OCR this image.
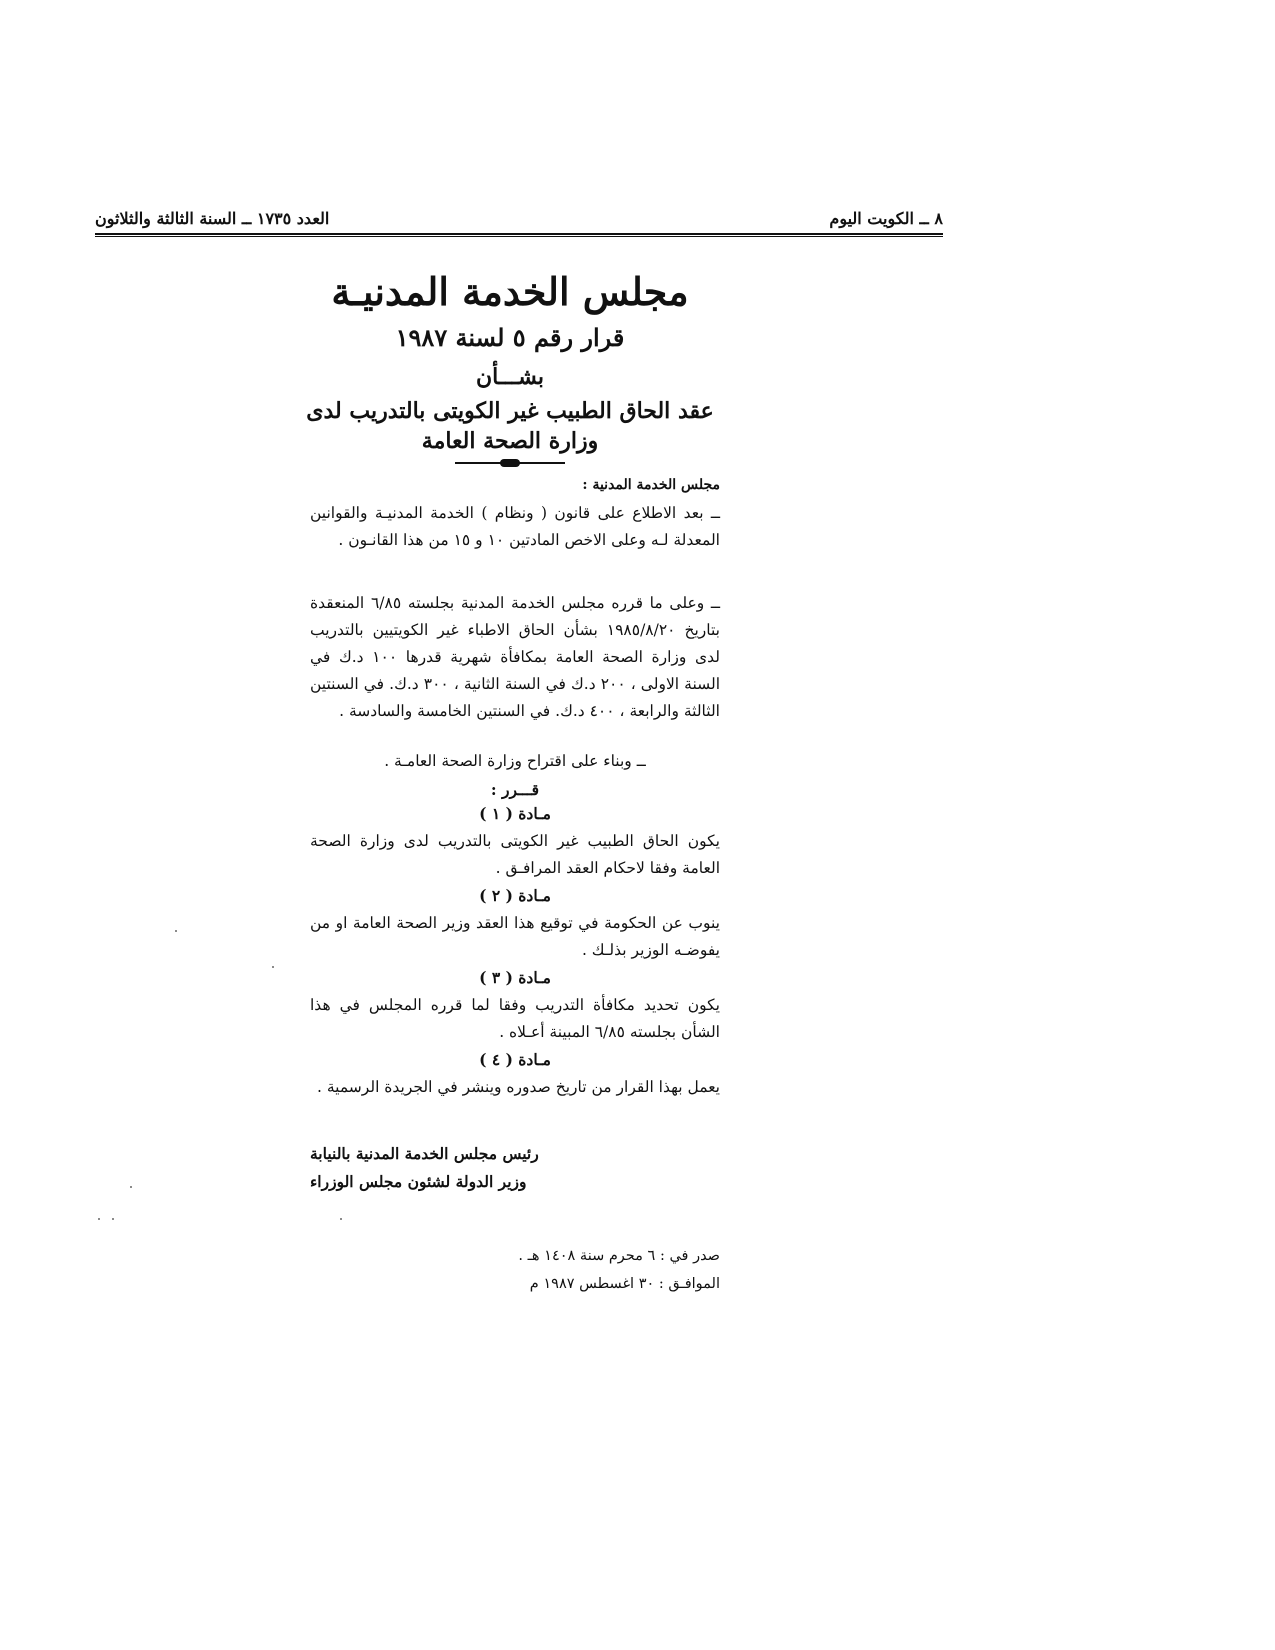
٨ ــ الكويت اليوم
العدد ١٧٣٥ ــ السنة الثالثة والثلاثون
مجلس الخدمة المدنيـة
قرار رقم ٥ لسنة ١٩٨٧
بشـــأن
عقد الحاق الطبيب غير الكويتى بالتدريب لدى
وزارة الصحة العامة
مجلس الخدمة المدنية :
ــ بعد الاطلاع على قانون ( ونظام ) الخدمة المدنيـة والقوانين المعدلة لـه وعلى الاخص المادتين ١٠ و ١٥ من هذا القانـون .
ــ وعلى ما قرره مجلس الخدمة المدنية بجلسته ٦/٨٥ المنعقدة بتاريخ ١٩٨٥/٨/٢٠ بشأن الحاق الاطباء غير الكويتيين بالتدريب لدى وزارة الصحة العامة بمكافأة شهرية قدرها ١٠٠ د.ك في السنة الاولى ، ٢٠٠ د.ك في السنة الثانية ، ٣٠٠ د.ك. في السنتين الثالثة والرابعة ، ٤٠٠ د.ك. في السنتين الخامسة والسادسة .
ــ وبناء على اقتراح وزارة الصحة العامـة .
قـــرر :
مـادة ( ١ )
يكون الحاق الطبيب غير الكويتى بالتدريب لدى وزارة الصحة العامة وفقا لاحكام العقد المرافـق .
مـادة ( ٢ )
ينوب عن الحكومة في توقيع هذا العقد وزير الصحة العامة او من يفوضـه الوزير بذلـك .
مـادة ( ٣ )
يكون تحديد مكافأة التدريب وفقا لما قرره المجلس في هذا الشأن بجلسته ٦/٨٥ المبينة أعـلاه .
مـادة ( ٤ )
يعمل بهذا القرار من تاريخ صدوره وينشر في الجريدة الرسمية .
رئيس مجلس الخدمة المدنية بالنيابة
وزير الدولة لشئون مجلس الوزراء
صدر في : ٦ محرم سنة ١٤٠٨ هـ .
الموافـق : ٣٠ اغسطس ١٩٨٧ م
